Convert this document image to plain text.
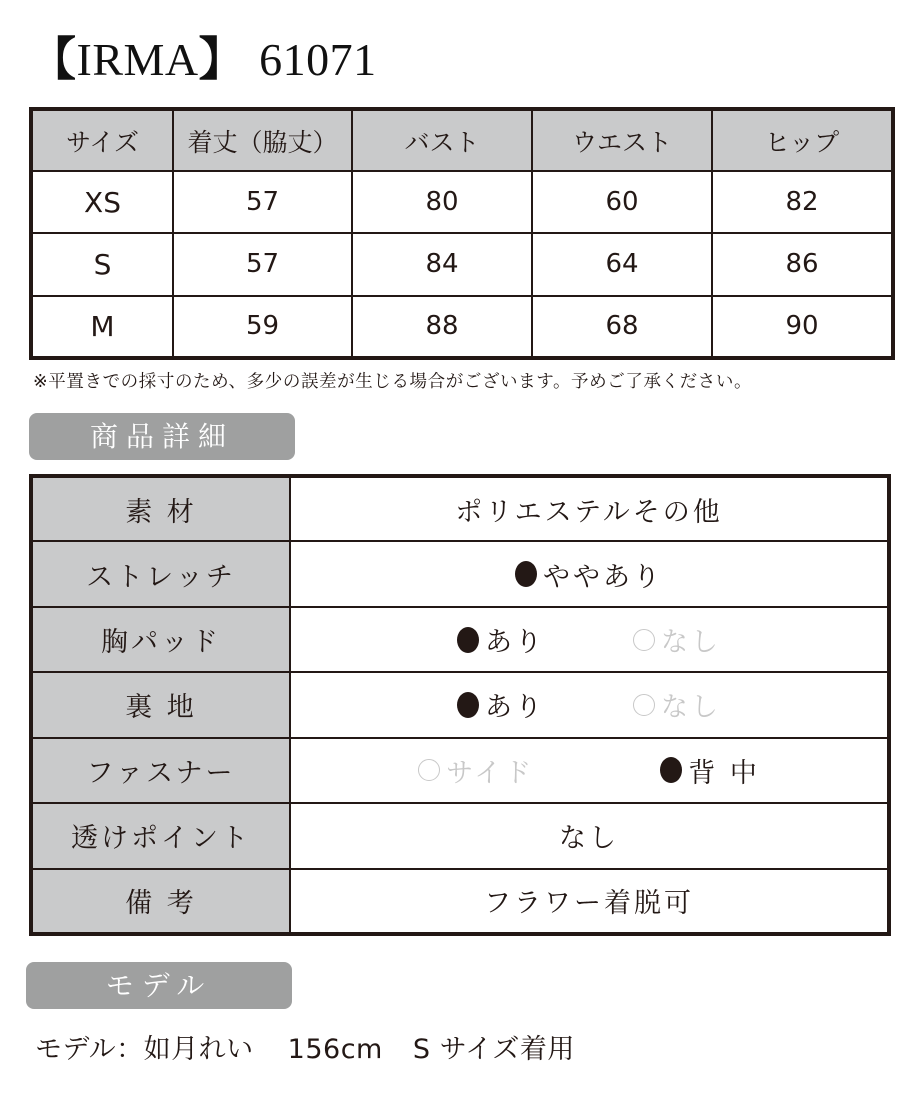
【IRMA】 61071
サイズ	着丈（脇丈）	バスト	ウエスト	ヒップ
XS	57	80	60	82
S	57	84	64	86
M	59	88	68	90
※平置きでの採寸のため、多少の誤差が生じる場合がございます。予めご了承ください。
商品詳細
素 材	ポリエステルその他
ストレッチ	ややあり

胸パッド	あり なし

裏 地	あり なし

ファスナー	サイド 背 中

透けポイント	なし
備 考	フラワー着脱可
モデル
モデル：如月れい 156cm S サイズ着用
